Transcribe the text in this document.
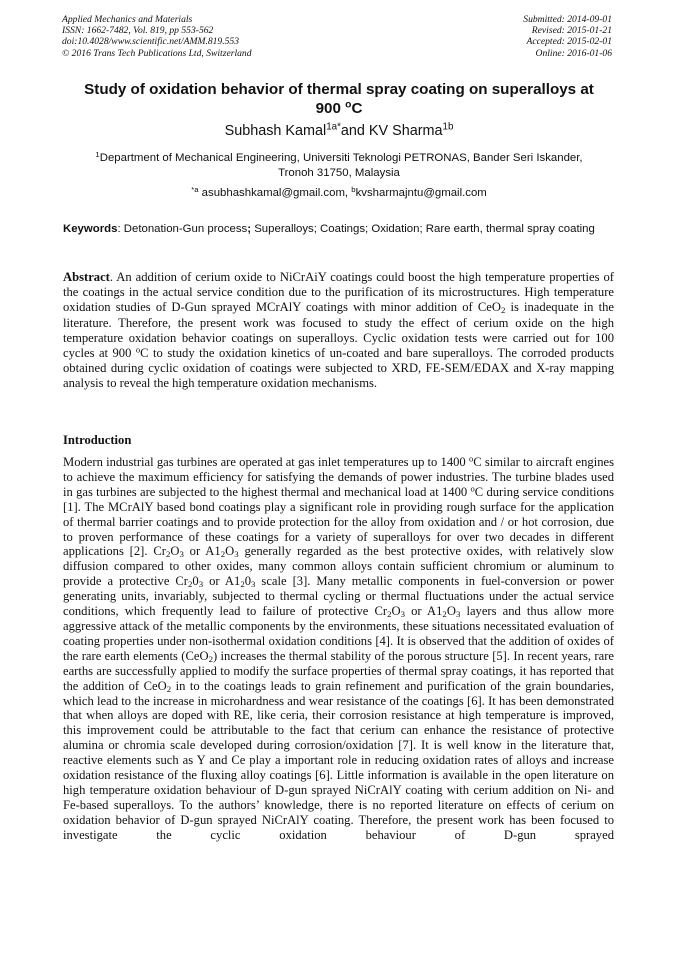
Applied Mechanics and Materials
ISSN: 1662-7482, Vol. 819, pp 553-562
doi:10.4028/www.scientific.net/AMM.819.553
© 2016 Trans Tech Publications Ltd, Switzerland
Submitted: 2014-09-01
Revised: 2015-01-21
Accepted: 2015-02-01
Online: 2016-01-06
Study of oxidation behavior of thermal spray coating on superalloys at
900 $^o$C
Subhash Kamal$^{1a*}$and KV Sharma$^{1b}$
$^1$Department of Mechanical Engineering, Universiti Teknologi PETRONAS, Bander Seri Iskander,
Tronoh 31750, Malaysia
$^{*a}$ asubhashkamal@gmail.com, $^b$kvsharmajntu@gmail.com
Keywords: Detonation-Gun process; Superalloys; Coatings; Oxidation; Rare earth, thermal spray coating
Abstract. An addition of cerium oxide to NiCrAiY coatings could boost the high temperature properties of the coatings in the actual service condition due to the purification of its microstructures. High temperature oxidation studies of D-Gun sprayed MCrAlY coatings with minor addition of CeO$_2$ is inadequate in the literature. Therefore, the present work was focused to study the effect of cerium oxide on the high temperature oxidation behavior coatings on superalloys. Cyclic oxidation tests were carried out for 100 cycles at 900 $^o$C to study the oxidation kinetics of un-coated and bare superalloys. The corroded products obtained during cyclic oxidation of coatings were subjected to XRD, FE-SEM/EDAX and X-ray mapping analysis to reveal the high temperature oxidation mechanisms.
Introduction
Modern industrial gas turbines are operated at gas inlet temperatures up to 1400 $^o$C similar to aircraft engines to achieve the maximum efficiency for satisfying the demands of power industries. The turbine blades used in gas turbines are subjected to the highest thermal and mechanical load at 1400 $^o$C during service conditions [1]. The MCrAlY based bond coatings play a significant role in providing rough surface for the application of thermal barrier coatings and to provide protection for the alloy from oxidation and / or hot corrosion, due to proven performance of these coatings for a variety of superalloys for over two decades in different applications [2]. $Cr_2O_3$ or $A1_2O_3$ generally regarded as the best protective oxides, with relatively slow diffusion compared to other oxides, many common alloys contain sufficient chromium or aluminum to provide a protective $Cr_20_3$ or $A1_20_3$ scale [3]. Many metallic components in fuel-conversion or power generating units, invariably, subjected to thermal cycling or thermal fluctuations under the actual service conditions, which frequently lead to failure of protective $Cr_2O_3$ or $A1_2O_3$ layers and thus allow more aggressive attack of the metallic components by the environments, these situations necessitated evaluation of coating properties under non-isothermal oxidation conditions [4]. It is observed that the addition of oxides of the rare earth elements (CeO$_2$) increases the thermal stability of the porous structure [5]. In recent years, rare earths are successfully applied to modify the surface properties of thermal spray coatings, it has reported that the addition of CeO$_2$ in to the coatings leads to grain refinement and purification of the grain boundaries, which lead to the increase in microhardness and wear resistance of the coatings [6]. It has been demonstrated that when alloys are doped with RE, like ceria, their corrosion resistance at high temperature is improved, this improvement could be attributable to the fact that cerium can enhance the resistance of protective alumina or chromia scale developed during corrosion/oxidation [7]. It is well know in the literature that, reactive elements such as Y and Ce play a important role in reducing oxidation rates of alloys and increase oxidation resistance of the fluxing alloy coatings [6]. Little information is available in the open literature on high temperature oxidation behaviour of D-gun sprayed NiCrAlY coating with cerium addition on Ni- and Fe-based superalloys. To the authors’ knowledge, there is no reported literature on effects of cerium on oxidation behavior of D-gun sprayed NiCrAlY coating. Therefore, the present work has been focused to investigate the cyclic oxidation behaviour of D-gun sprayed
